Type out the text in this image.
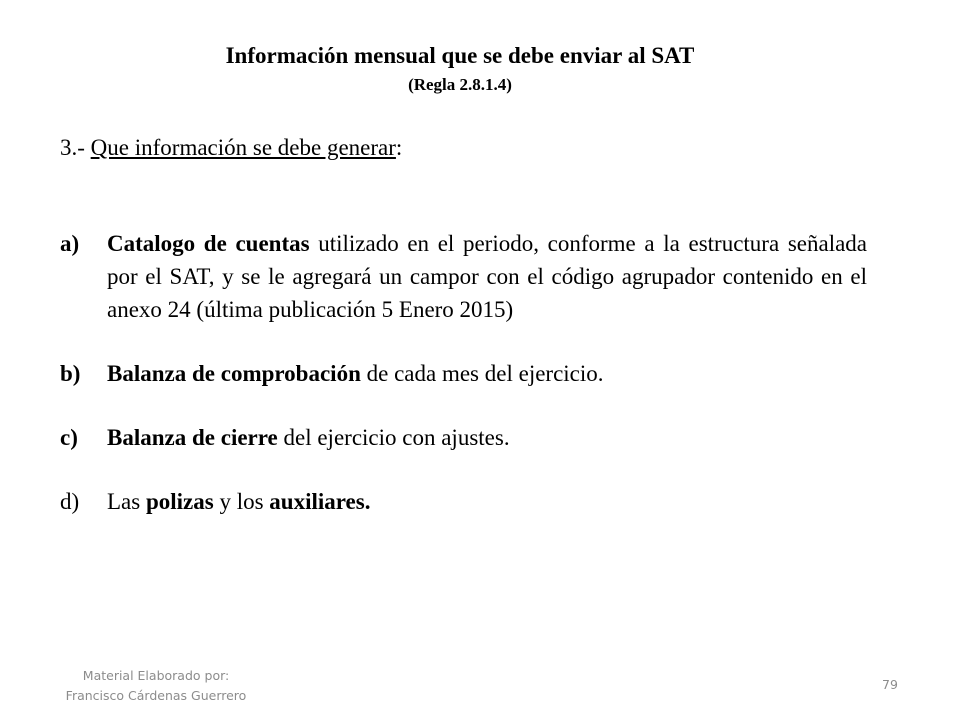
Información mensual que se debe enviar al SAT
(Regla 2.8.1.4)
3.- Que información se debe generar:
a) Catalogo de cuentas utilizado en el periodo, conforme a la estructura señalada por el SAT, y se le agregará un campor con el código agrupador contenido en el anexo 24 (última publicación 5 Enero 2015)
b) Balanza de comprobación de cada mes del ejercicio.
c) Balanza de cierre del ejercicio con ajustes.
d) Las polizas y los auxiliares.
Material Elaborado por:
Francisco Cárdenas Guerrero
79
